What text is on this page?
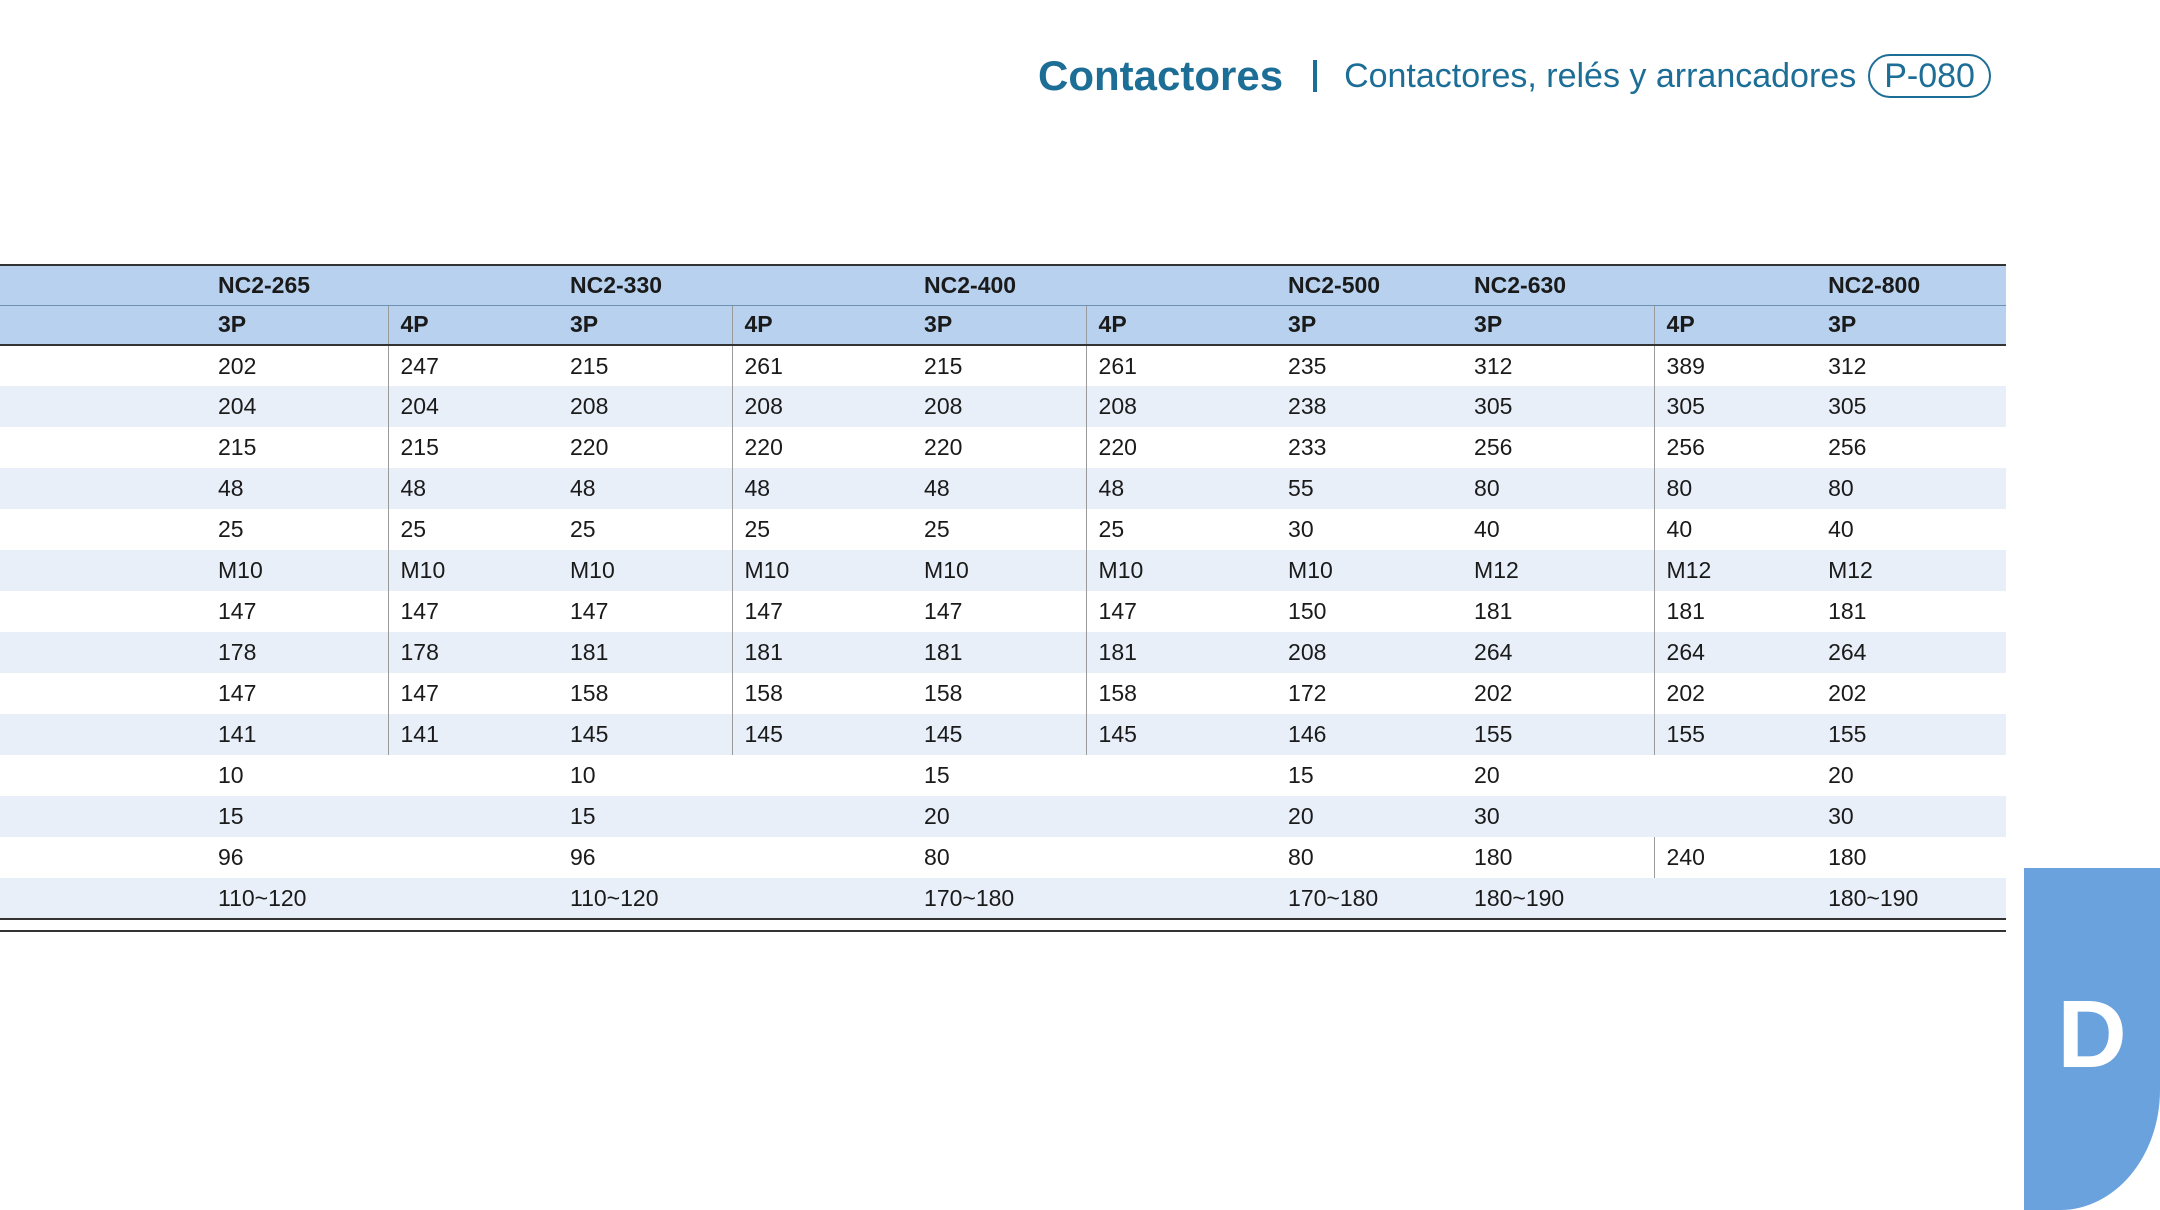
Contactores Contactores, relés y arrancadores P-080
	NC2-265		NC2-330		NC2-400		NC2-500	NC2-630		NC2-800
	3P	4P	3P	4P	3P	4P	3P	3P	4P	3P
	202	247	215	261	215	261	235	312	389	312
	204	204	208	208	208	208	238	305	305	305
	215	215	220	220	220	220	233	256	256	256
	48	48	48	48	48	48	55	80	80	80
	25	25	25	25	25	25	30	40	40	40
	M10	M10	M10	M10	M10	M10	M10	M12	M12	M12
	147	147	147	147	147	147	150	181	181	181
	178	178	181	181	181	181	208	264	264	264
	147	147	158	158	158	158	172	202	202	202
	141	141	145	145	145	145	146	155	155	155
	10		10		15		15	20		20
	15		15		20		20	30		30
	96		96		80		80	180	240	180
	110~120		110~120		170~180		170~180	180~190		180~190
D
